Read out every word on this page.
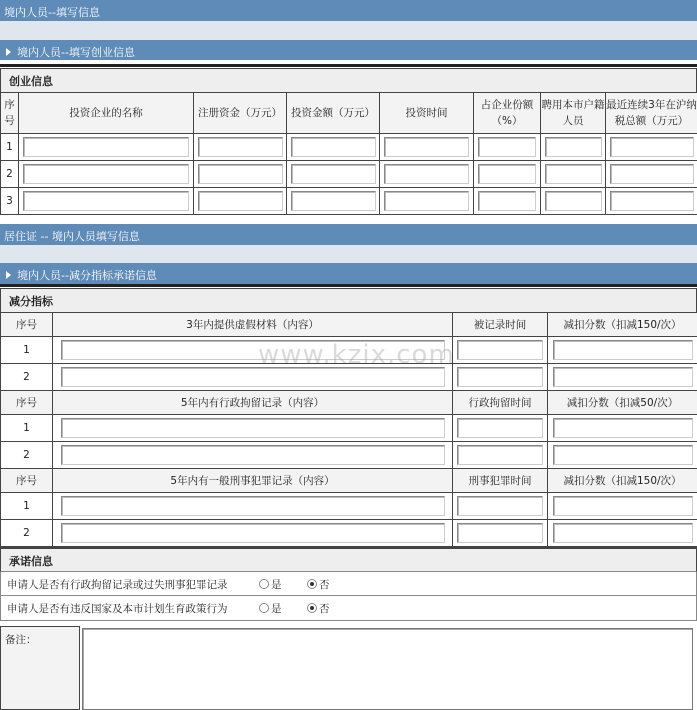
境内人员--填写信息
境内人员--填写创业信息
创业信息
序号	投资企业的名称	注册资金（万元）	投资金额（万元）	投资时间	占企业份额（%）	聘用本市户籍人员	最近连续3年在沪纳税总额（万元）
1	

2	

3	

居住证 -- 境内人员填写信息
境内人员--减分指标承诺信息
减分指标
序号	3年内提供虚假材料（内容）	被记录时间	减扣分数（扣减150/次）
1	

2	

序号	5年内有行政拘留记录（内容）	行政拘留时间	减扣分数（扣减50/次）
1	

2	

序号	5年内有一般刑事犯罪记录（内容）	刑事犯罪时间	减扣分数（扣减150/次）
1	

2	

承诺信息
申请人是否有行政拘留记录或过失刑事犯罪记录	是	否
申请人是否有违反国家及本市计划生育政策行为	是	否
备注：
www.kzix.com
